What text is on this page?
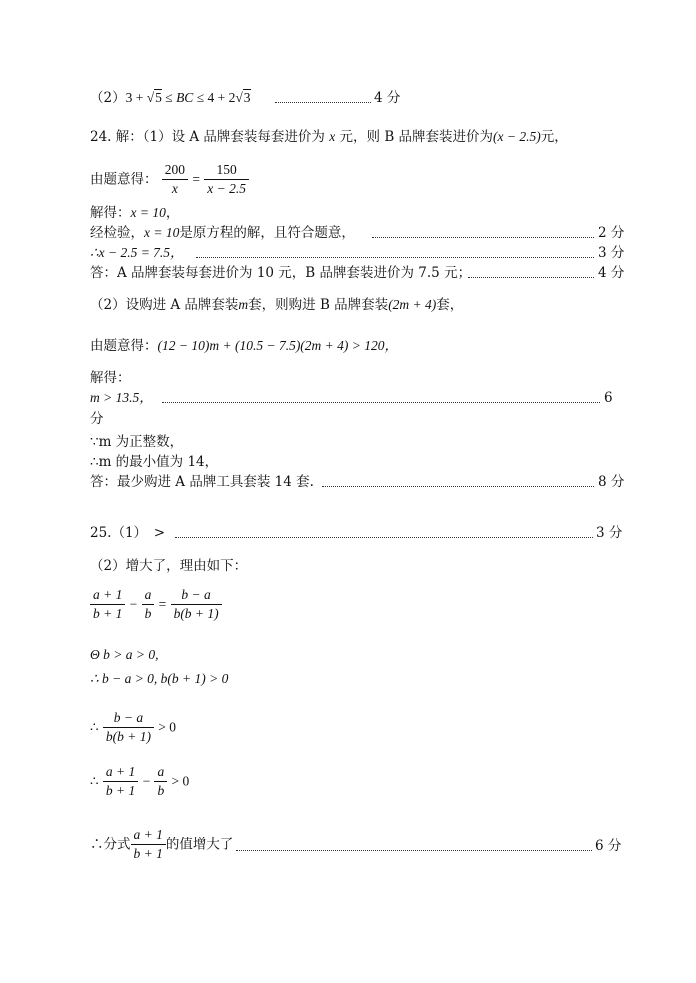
（2）3 + √5 ≤ BC ≤ 4 + 2√3	4 分
24. 解：（1）设 A 品牌套装每套进价为 x 元，则 B 品牌套装进价为(x − 2.5)元，
由题意得： $\frac{200}{x} = \frac{150}{x - 2.5}$
解得：x = 10，
经检验，x = 10是原方程的解，且符合题意，	2 分
∴x − 2.5 = 7.5，	3 分
答：A 品牌套装每套进价为 10 元，B 品牌套装进价为 7.5 元；	4 分
（2）设购进 A 品牌套装m套，则购进 B 品牌套装(2m + 4)套，
由题意得：(12 − 10)m + (10.5 − 7.5)(2m + 4) > 120，
解得：
m > 13.5，	6
分
∵m 为正整数，
∴m 的最小值为 14，
答：最少购进 A 品牌工具套装 14 套.	8 分
25.（1）　>	3 分
（2）增大了，理由如下：
$\frac{a + 1}{b + 1} - \frac{a}{b} = \frac{b - a}{b(b + 1)}$
Θ b > a > 0,
∴ b − a > 0, b(b + 1) > 0
∴ $\frac{b - a}{b(b + 1)} > 0$
∴ $\frac{a + 1}{b + 1} - \frac{a}{b} > 0$
∴分式 $\frac{a + 1}{b + 1}$ 的值增大了	6 分
